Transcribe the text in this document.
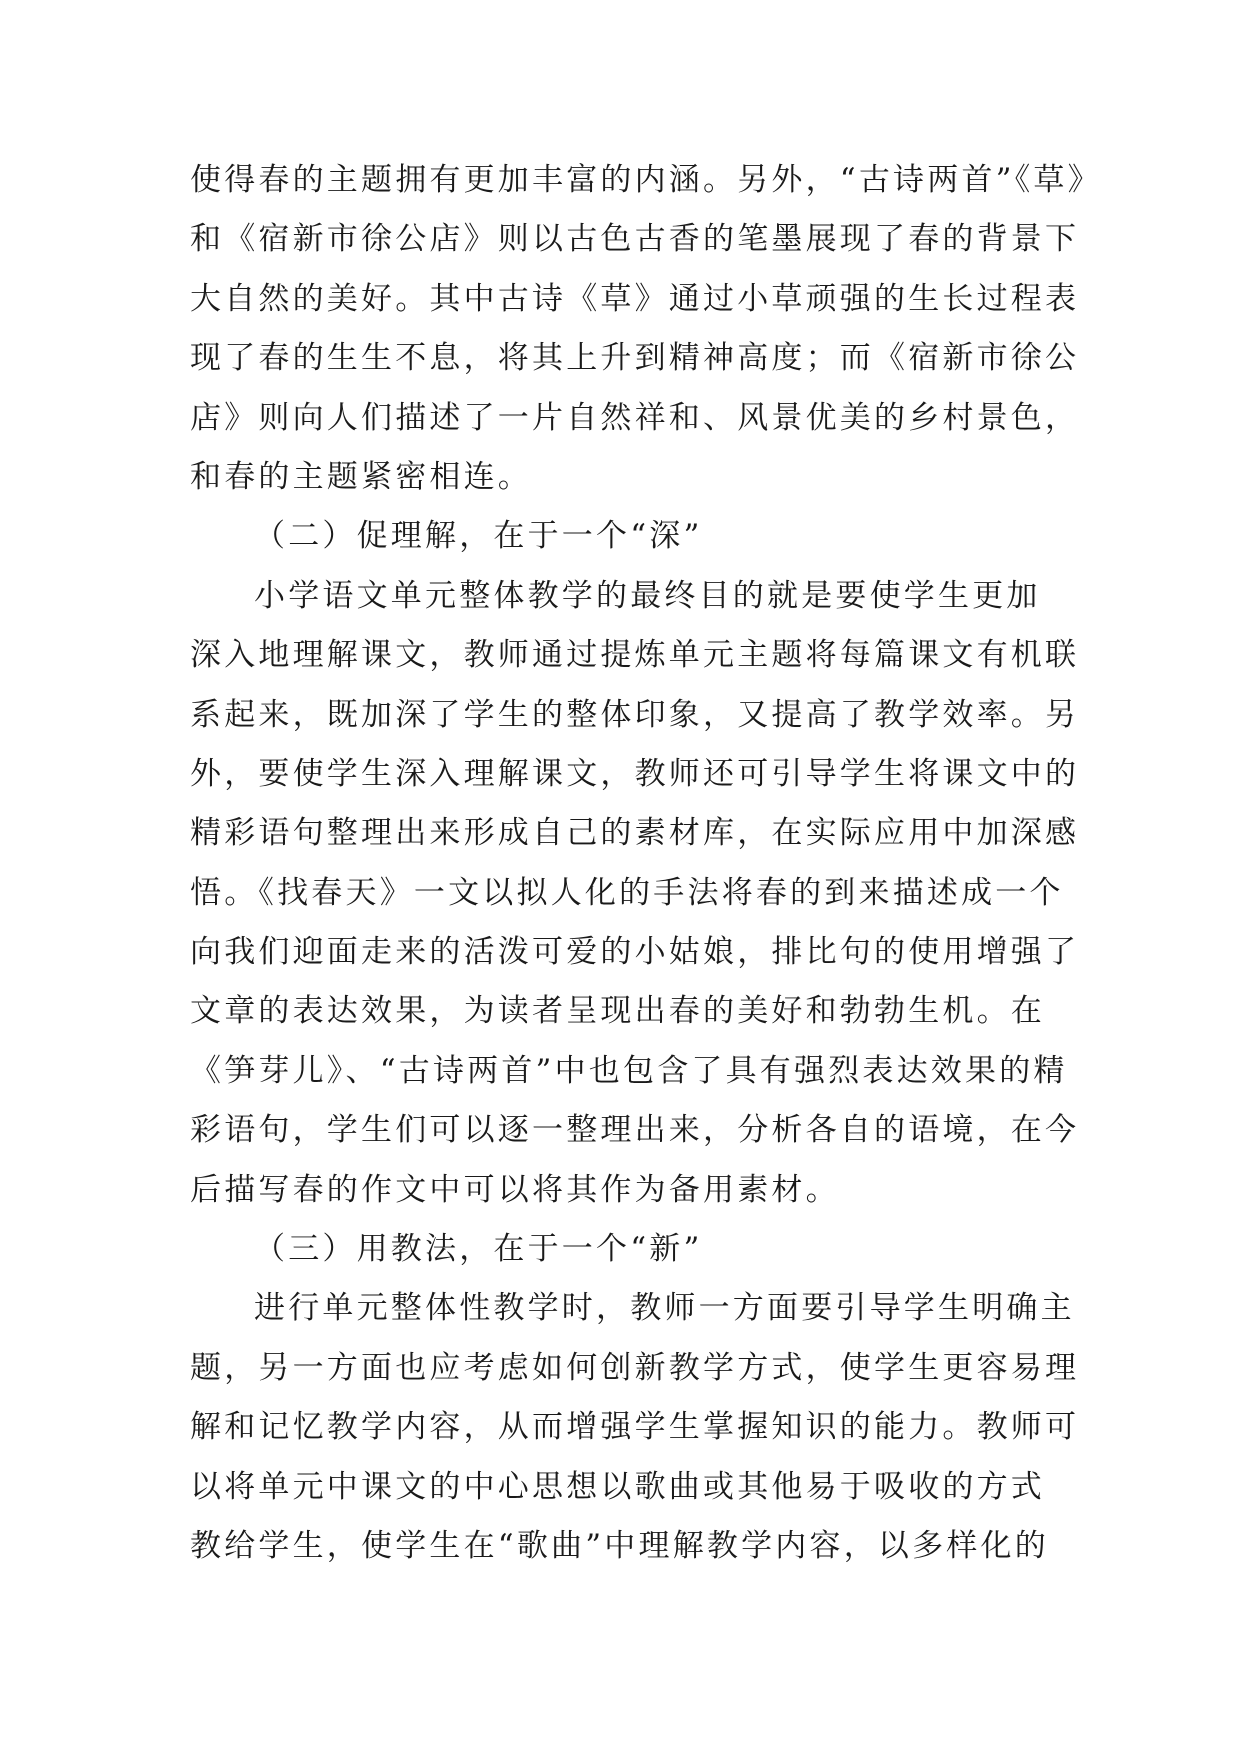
使得春的主题拥有更加丰富的内涵。另外，“古诗两首”《草》
和《宿新市徐公店》则以古色古香的笔墨展现了春的背景下
大自然的美好。其中古诗《草》通过小草顽强的生长过程表
现了春的生生不息，将其上升到精神高度；而《宿新市徐公
店》则向人们描述了一片自然祥和、风景优美的乡村景色，
和春的主题紧密相连。
（二）促理解，在于一个“深”
小学语文单元整体教学的最终目的就是要使学生更加
深入地理解课文，教师通过提炼单元主题将每篇课文有机联
系起来，既加深了学生的整体印象，又提高了教学效率。另
外，要使学生深入理解课文，教师还可引导学生将课文中的
精彩语句整理出来形成自己的素材库，在实际应用中加深感
悟。《找春天》一文以拟人化的手法将春的到来描述成一个
向我们迎面走来的活泼可爱的小姑娘，排比句的使用增强了
文章的表达效果，为读者呈现出春的美好和勃勃生机。在
《笋芽儿》、“古诗两首”中也包含了具有强烈表达效果的精
彩语句，学生们可以逐一整理出来，分析各自的语境，在今
后描写春的作文中可以将其作为备用素材。
（三）用教法，在于一个“新”
进行单元整体性教学时，教师一方面要引导学生明确主
题，另一方面也应考虑如何创新教学方式，使学生更容易理
解和记忆教学内容，从而增强学生掌握知识的能力。教师可
以将单元中课文的中心思想以歌曲或其他易于吸收的方式
教给学生，使学生在“歌曲”中理解教学内容，以多样化的
